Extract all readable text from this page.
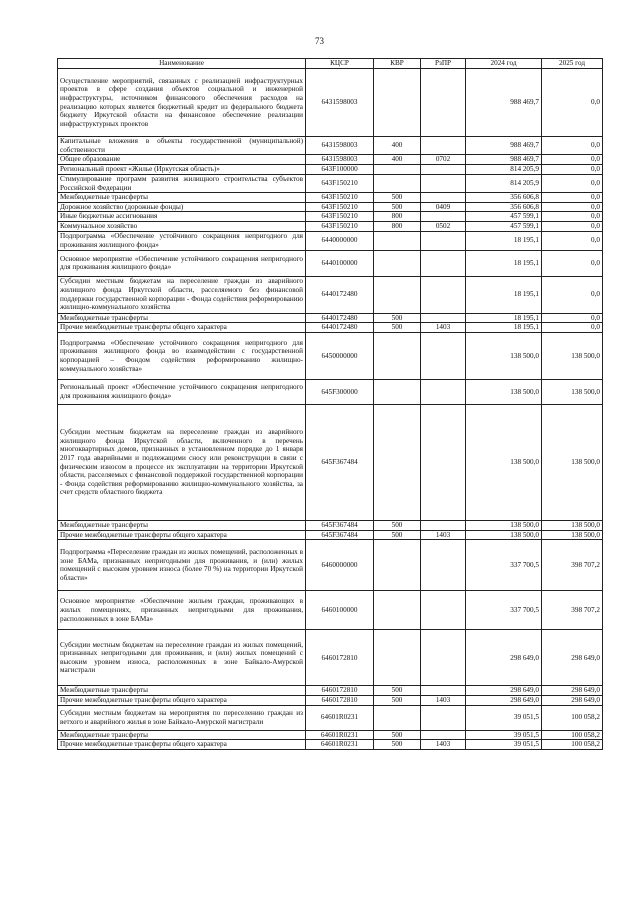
73
Наименование	КЦСР	КВР	РзПР	2024 год	2025 год
Осуществление мероприятий, связанных с реализацией инфраструктурных проектов в сфере создания объектов социальной и инженерной инфраструктуры, источником финансового обеспечения расходов на реализацию которых является бюджетный кредит из федерального бюджета бюджету Иркутской области на финансовое обеспечение реализации инфраструктурных проектов	6431598003			988 469,7	0,0
Капитальные вложения в объекты государственной (муниципальной) собственности	6431598003	400		988 469,7	0,0
Общее образование	6431598003	400	0702	988 469,7	0,0
Региональный проект «Жилье (Иркутская область)»	643F100000			814 205,9	0,0
Стимулирование программ развития жилищного строительства субъектов Российской Федерации	643F150210			814 205,9	0,0
Межбюджетные трансферты	643F150210	500		356 606,8	0,0
Дорожное хозяйство (дорожные фонды)	643F150210	500	0409	356 606,8	0,0
Иные бюджетные ассигнования	643F150210	800		457 599,1	0,0
Коммунальное хозяйство	643F150210	800	0502	457 599,1	0,0
Подпрограмма «Обеспечение устойчивого сокращения непригодного для проживания жилищного фонда»	6440000000			18 195,1	0,0
Основное мероприятие «Обеспечение устойчивого сокращения непригодного для проживания жилищного фонда»	6440100000			18 195,1	0,0
Субсидии местным бюджетам на переселение граждан из аварийного жилищного фонда Иркутской области, расселяемого без финансовой поддержки государственной корпорации - Фонда содействия реформированию жилищно-коммунального хозяйства	6440172480			18 195,1	0,0
Межбюджетные трансферты	6440172480	500		18 195,1	0,0
Прочие межбюджетные трансферты общего характера	6440172480	500	1403	18 195,1	0,0
Подпрограмма «Обеспечение устойчивого сокращения непригодного для проживания жилищного фонда во взаимодействии с государственной корпорацией – Фондом содействия реформированию жилищно-коммунального хозяйства»	6450000000			138 500,0	138 500,0
Региональный проект «Обеспечение устойчивого сокращения непригодного для проживания жилищного фонда»	645F300000			138 500,0	138 500,0
Субсидии местным бюджетам на переселение граждан из аварийного жилищного фонда Иркутской области, включенного в перечень многоквартирных домов, признанных в установленном порядке до 1 января 2017 года аварийными и подлежащими сносу или реконструкции в связи с физическим износом в процессе их эксплуатации на территории Иркутской области, расселяемых с финансовой поддержкой государственной корпорации - Фонда содействия реформированию жилищно-коммунального хозяйства, за счет средств областного бюджета	645F367484			138 500,0	138 500,0
Межбюджетные трансферты	645F367484	500		138 500,0	138 500,0
Прочие межбюджетные трансферты общего характера	645F367484	500	1403	138 500,0	138 500,0
Подпрограмма «Переселение граждан из жилых помещений, расположенных в зоне БАМа, признанных непригодными для проживания, и (или) жилых помещений с высоким уровнем износа (более 70 %) на территории Иркутской области»	6460000000			337 700,5	398 707,2
Основное мероприятие «Обеспечение жильем граждан, проживающих в жилых помещениях, признанных непригодными для проживания, расположенных в зоне БАМа»	6460100000			337 700,5	398 707,2
Субсидии местным бюджетам на переселение граждан из жилых помещений, признанных непригодными для проживания, и (или) жилых помещений с высоким уровнем износа, расположенных в зоне Байкало-Амурской магистрали	6460172810			298 649,0	298 649,0
Межбюджетные трансферты	6460172810	500		298 649,0	298 649,0
Прочие межбюджетные трансферты общего характера	6460172810	500	1403	298 649,0	298 649,0
Субсидии местным бюджетам на мероприятия по переселению граждан из ветхого и аварийного жилья в зоне Байкало-Амурской магистрали	64601R0231			39 051,5	100 058,2
Межбюджетные трансферты	64601R0231	500		39 051,5	100 058,2
Прочие межбюджетные трансферты общего характера	64601R0231	500	1403	39 051,5	100 058,2
